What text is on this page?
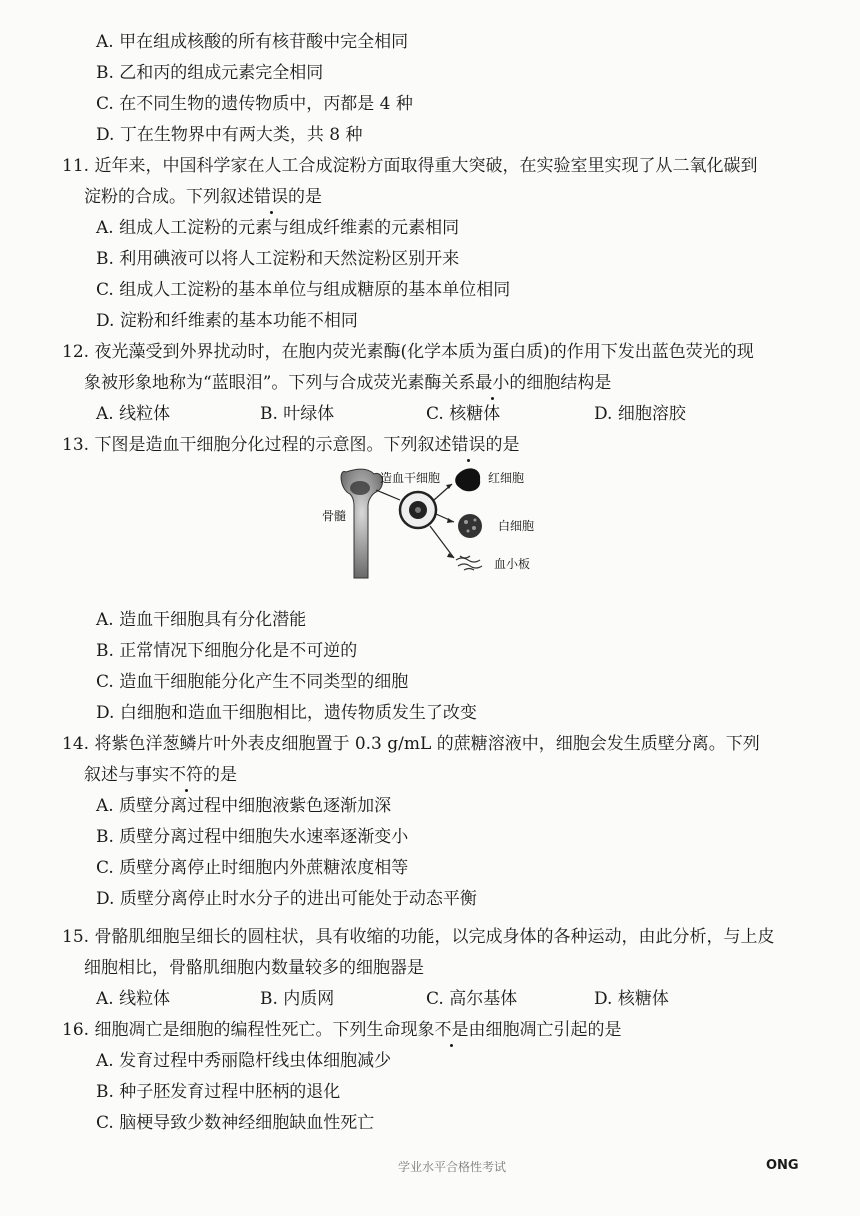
A. 甲在组成核酸的所有核苷酸中完全相同
B. 乙和丙的组成元素完全相同
C. 在不同生物的遗传物质中，丙都是 4 种
D. 丁在生物界中有两大类，共 8 种
11. 近年来，中国科学家在人工合成淀粉方面取得重大突破，在实验室里实现了从二氧化碳到
淀粉的合成。下列叙述错误的是
A. 组成人工淀粉的元素与组成纤维素的元素相同
B. 利用碘液可以将人工淀粉和天然淀粉区别开来
C. 组成人工淀粉的基本单位与组成糖原的基本单位相同
D. 淀粉和纤维素的基本功能不相同
12. 夜光藻受到外界扰动时，在胞内荧光素酶(化学本质为蛋白质)的作用下发出蓝色荧光的现
象被形象地称为“蓝眼泪”。下列与合成荧光素酶关系最小的细胞结构是
A. 线粒体	B. 叶绿体	C. 核糖体	D. 细胞溶胶
13. 下图是造血干细胞分化过程的示意图。下列叙述错误的是
骨髓
造血干细胞	红细胞
白细胞
血小板
A. 造血干细胞具有分化潜能
B. 正常情况下细胞分化是不可逆的
C. 造血干细胞能分化产生不同类型的细胞
D. 白细胞和造血干细胞相比，遗传物质发生了改变
14. 将紫色洋葱鳞片叶外表皮细胞置于 0.3 g/mL 的蔗糖溶液中，细胞会发生质壁分离。下列
叙述与事实不符的是
A. 质壁分离过程中细胞液紫色逐渐加深
B. 质壁分离过程中细胞失水速率逐渐变小
C. 质壁分离停止时细胞内外蔗糖浓度相等
D. 质壁分离停止时水分子的进出可能处于动态平衡
15. 骨骼肌细胞呈细长的圆柱状，具有收缩的功能，以完成身体的各种运动，由此分析，与上皮
细胞相比，骨骼肌细胞内数量较多的细胞器是
A. 线粒体	B. 内质网	C. 高尔基体	D. 核糖体
16. 细胞凋亡是细胞的编程性死亡。下列生命现象不是由细胞凋亡引起的是
A. 发育过程中秀丽隐杆线虫体细胞减少
B. 种子胚发育过程中胚柄的退化
C. 脑梗导致少数神经细胞缺血性死亡
学业水平合格性考试	ONG
